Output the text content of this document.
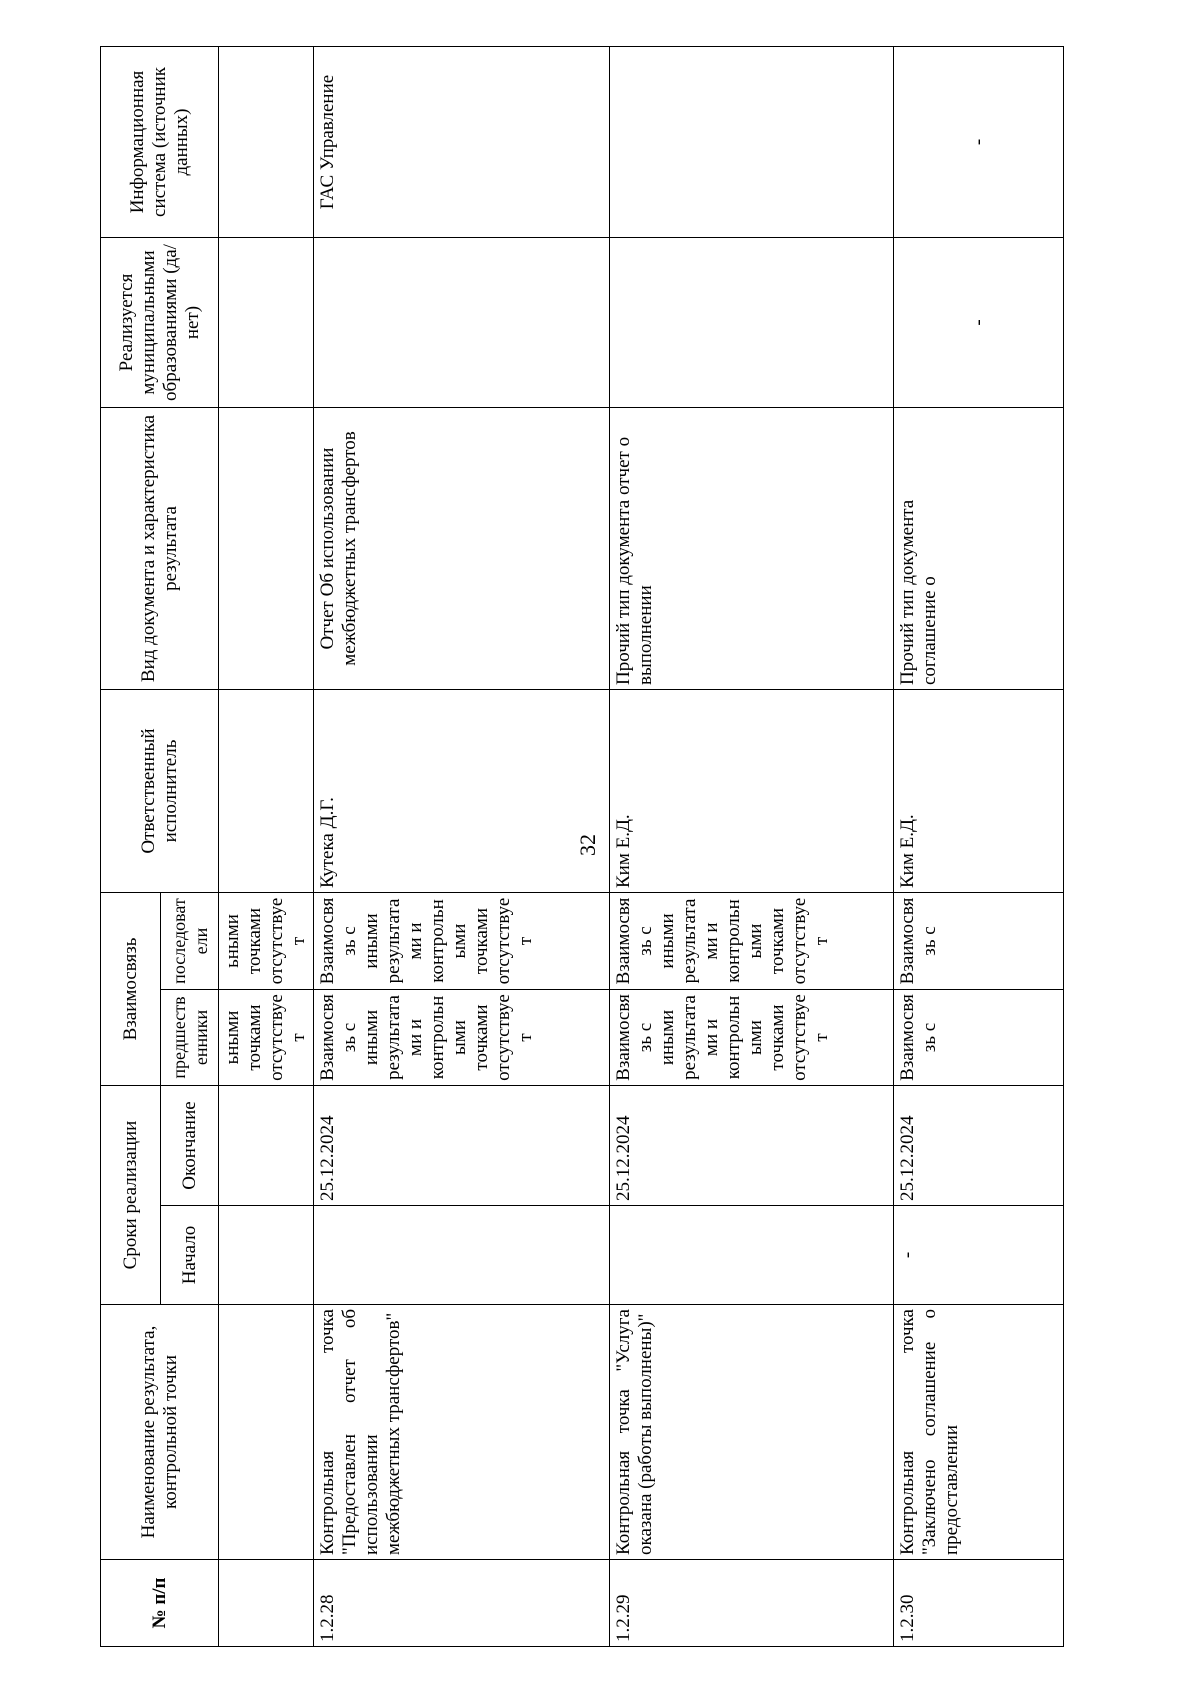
№ п/п	Наименование результата, контрольной точки	Сроки реализации		Взаимосвязь		Ответственный исполнитель	Вид документа и характеристика результата	Реализуется муниципальными образованиями (да/нет)	Информационная система (источник данных)
		Начало	Окончание	предшественники	последователи				
				ьными точками отсутствует	ьными точками отсутствует				
1.2.28	Контрольная точка "Предоставлен отчет об использовании межбюджетных трансфертов"		25.12.2024	Взаимосвязь с иными результатами и контрольными точками отсутствует	Взаимосвязь с иными результатами и контрольными точками отсутствует	Кутека Д.Г.	Отчет Об использовании межбюджетных трансфертов		ГАС Управление
1.2.29	Контрольная точка "Услуга оказана (работы выполнены)"		25.12.2024	Взаимосвязь с иными результатами и контрольными точками отсутствует	Взаимосвязь с иными результатами и контрольными точками отсутствует	Ким Е.Д.	Прочий тип документа отчет о выполнении		
1.2.30	Контрольная точка "Заключено соглашение о предоставлении	-	25.12.2024	Взаимосвязь с	Взаимосвязь с	Ким Е.Д.	Прочий тип документа соглашение о	-	-
32
